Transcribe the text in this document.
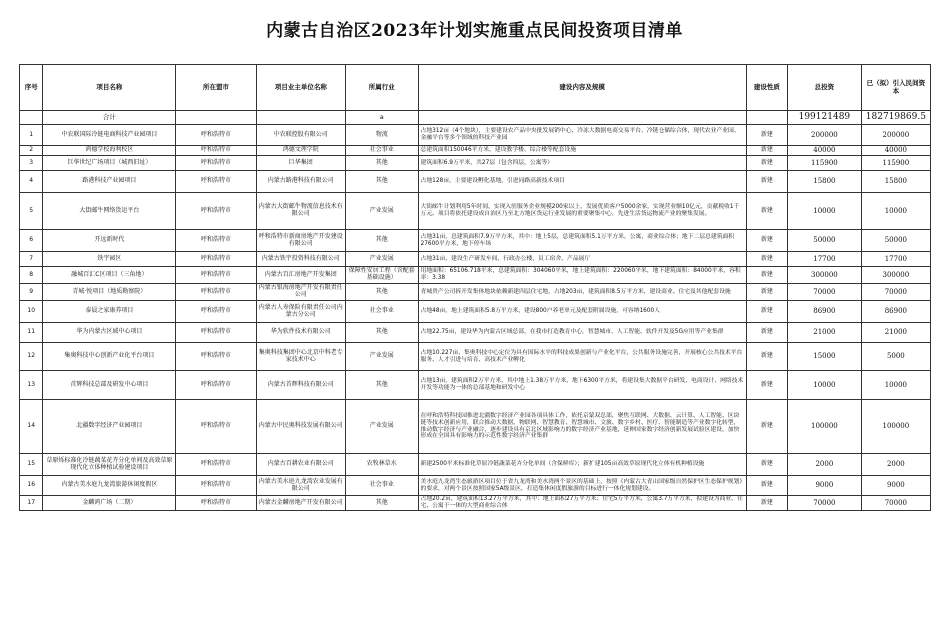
内蒙古自治区2023年计划实施重点民间投资项目清单
序号	项目名称	所在盟市	项目业主单位名称	所属行业	建设内容及规模	建设性质	总投资	已（拟）引入民间资本
	合计			a			199121489	182719869.5
1	中农联国际冷链电商科技产业园项目	呼和浩特市	中农联控股有限公司	物流	占地312亩（4个地块），主要建设农产品中央批发展销中心、冷冻大数据电商交易平台、冷链仓储综合体，现代农业产业园、金融平台等多个领域的科技产业园	新建	200000	200000
2	鸿德学校海利校区	呼和浩特市	鸿德文理学院	社会事业	总建筑面积150046平方米，建设教学楼、综合楼等配套设施	新建	40000	40000
3	巨华世纪广场项目（城西旧址）	呼和浩特市	巨华集团	其他	建筑面积6.9万平米，共27层（包含四层，公寓等）	新建	115900	115900
4	路港科技产业园项目	呼和浩特市	内蒙古路港科技有限公司	其他	占地128亩，主要建设孵化基地，引进同路高新技术项目	新建	15800	15800
5	大街邮牛网络货运平台	呼和浩特市	内蒙古大街邮牛物流信息技术有限公司	产业发展	大街邮牛计划利用5年时间，实现入驻服务企业规模200家以上，发展优质客户5000余家，实现营业额10亿元，贡献税收1千万元。项目将依托建设成自治区乃至北方地区货运行业发展的重要聚集中心，先进生活货运物流产业的聚集发展。	新建	10000	10000
6	开远新时代	呼和浩特市	呼和浩特市新商房地产开发建设有限公司	其他	占地31亩，总建筑面积7.9万平方米，其中：地上5层，总建筑面积5.1万平方米，公寓，商业综合体；地下二层总建筑面积27600平方米，地下停车场	新建	50000	50000
7	铁宇园区	呼和浩特市	内蒙古铁宇投资科技有限公司	产业发展	占地31亩，建设生产研发车间、行政办公楼、员工宿舍、产品展厅	新建	17700	17700
8	融城百汇C区项目（三角地）	呼和浩特市	内蒙古百汇房地产开发集团	保障性安居工程（含配套基础设施）	用地面积：65106.718平米，总建筑面积：304060平米，地上建筑面积：220060平米，地下建筑面积：84000平米，容积率：3.38	新建	300000	300000
9	青城·悦项目（地质勘察院）	呼和浩特市	内蒙古银海房地产开发有限责任公司	其他	青城贵产公司拆开发集体地块依赖新建四层住宅地，占地203亩，建筑面积8.5万平方米，建设商业、住宅及其他配套设施	新建	70000	70000
10	泰晨之家康养项目	呼和浩特市	内蒙古人寿保险有限责任公司内蒙古分公司	社会事业	占地48亩，地上建筑面积5.8万平方米，建设800户养老单元及配套附属设施，可容纳1600人	新建	86900	86900
11	华为内蒙古区域中心项目	呼和浩特市	华为软件技术有限公司	其他	占地22.75亩，建设华为内蒙古区域总部，在我市打造教育中心，智慧城市、人工智能、软件开发及5G应用等产业集群	新建	21000	21000
12	集奥科技中心创新产业化平台项目	呼和浩特市	集奥科技集团中心北京中科老专家技术中心	产业发展	占地10.227亩，集奥科技中心定位为具有国际水平的科技成果创新与产业化平台，公共服务设施完善，开展核心公共技术平台服务、人才引进与培育、高技术产业孵化	新建	15000	5000
13	首辉科技总部及研发中心项目	呼和浩特市	内蒙古首辉科技有限公司	其他	占地13亩，建筑面积2万平方米，其中地上1.38万平方米，地下6300平方米，将建设集大数据平台研发、电商设计、网络技术开发等功能为一体的总部基地和研发中心	新建	10000	10000
14	北疆数字经济产业园项目	呼和浩特市	内蒙古中民奥科技发展有限公司	产业发展	在呼和浩特科技园推进北疆数字经济产业园各项具体工作，依托京蒙双总部，聚焦互联网、大数据、云计算、人工智能、区块链等技术创新应用，联合推动大数据、物联网、智慧教育、智慧城市、文旅、数字乡村、医疗、智能制造等产业数字化转型，推动数字经济与产业融合，逐步建设具有京北区域影响力的数字经济产业基地，延伸国家数字经济创新发展试验区建设，加快形成在全国具有影响力的示范性数字经济产业集群	新建	100000	100000
15	草原烁标准化冷链蔬菜花卉分化单间及高效草原现代化立体种植试验建设项目	呼和浩特市	内蒙古百耕农业有限公司	农牧林草水	新建2500平米标准化草原冷链蔬菜花卉分化单间（含保鲜库）；新扩建105亩高效草原现代化立体有机种植设施	新建	2000	2000
16	内蒙古美水庭九龙湾旅游休闲度假区	呼和浩特市	内蒙古美水庭九龙湾农业发展有限公司	社会事业	美水庭九龙湾生态旅游区项目位于省九龙湾和美水湾两个景区的基础上，按照《内蒙古大青山国家级自然保护区生态保护规划》的要求，对两个景区按照国家5A级景区，打造集休闲度假旅游的目标进行一体化规划建设。	新建	9000	9000
17	金麟鸿广场（二期）	呼和浩特市	内蒙古金麟房地产开发有限公司	其他	占地20.2亩，建筑面积13.27万平方米，其中：地上面积27万平方米；住宅5万平方米，公寓3.7万平方米，拟建设为商业、住宅、公寓于一体的大型商业综合体	新建	70000	70000
